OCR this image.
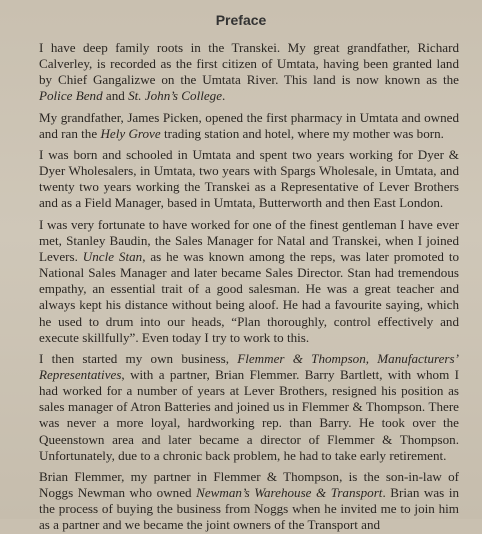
Preface

I have deep family roots in the Transkei. My great grandfather, Richard Calverley, is recorded as the first citizen of Umtata, having been granted land by Chief Gangalizwe on the Umtata River. This land is now known as the Police Bend and St. John’s College.

My grandfather, James Picken, opened the first pharmacy in Umtata and owned and ran the Hely Grove trading station and hotel, where my mother was born.

I was born and schooled in Umtata and spent two years working for Dyer & Dyer Wholesalers, in Umtata, two years with Spargs Wholesale, in Umtata, and twenty two years working the Transkei as a Representative of Lever Brothers and as a Field Manager, based in Umtata, Butterworth and then East London.

I was very fortunate to have worked for one of the finest gentleman I have ever met, Stanley Baudin, the Sales Manager for Natal and Transkei, when I joined Levers. Uncle Stan, as he was known among the reps, was later promoted to National Sales Manager and later became Sales Director. Stan had tremendous empathy, an essential trait of a good salesman. He was a great teacher and always kept his distance without being aloof. He had a favourite saying, which he used to drum into our heads, “Plan thoroughly, control effectively and execute skillfully”. Even today I try to work to this.

I then started my own business, Flemmer & Thompson, Manufacturers’ Representatives, with a partner, Brian Flemmer. Barry Bartlett, with whom I had worked for a number of years at Lever Brothers, resigned his position as sales manager of Atron Batteries and joined us in Flemmer & Thompson. There was never a more loyal, hardworking rep. than Barry. He took over the Queenstown area and later became a director of Flemmer & Thompson. Unfortunately, due to a chronic back problem, he had to take early retirement.

Brian Flemmer, my partner in Flemmer & Thompson, is the son-in-law of Noggs Newman who owned Newman’s Warehouse & Transport. Brian was in the process of buying the business from Noggs when he invited me to join him as a partner and we became the joint owners of the Transport and
